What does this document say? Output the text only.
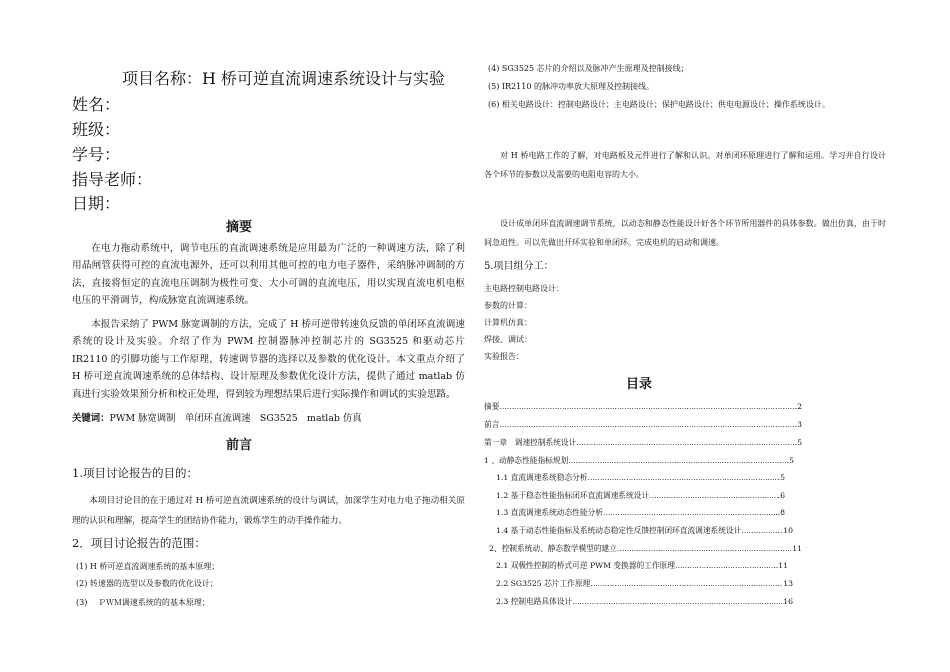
项目名称：H 桥可逆直流调速系统设计与实验
姓名：
班级：
学号：
指导老师：
日期：
摘要
在电力拖动系统中，调节电压的直流调速系统是应用最为广泛的一种调速方法，除了利用晶闸管获得可控的直流电源外，还可以利用其他可控的电力电子器件，采纳脉冲调制的方法，直接将恒定的直流电压调制为极性可变、大小可调的直流电压，用以实现直流电机电枢电压的平滑调节，构成脉宽直流调速系统。
本报告采纳了 PWM 脉宽调制的方法，完成了 H 桥可逆带转速负反馈的单闭环直流调速系统的设计及实验。介绍了作为 PWM 控制器脉冲控制芯片的 SG3525 和驱动芯片 IR2110 的引脚功能与工作原理，转速调节器的选择以及参数的优化设计。本文重点介绍了 H 桥可逆直流调速系统的总体结构、设计原理及参数优化设计方法，提供了通过 matlab 仿真进行实验效果预分析和校正处理，得到较为理想结果后进行实际操作和调试的实验思路。
关键词：PWM 脉宽调制　单闭环直流调速　SG3525　matlab 仿真
前言
1.项目讨论报告的目的：
本项目讨论目的在于通过对 H 桥可逆直流调速系统的设计与调试，加深学生对电力电子拖动相关原理的认识和理解，提高学生的团结协作能力，锻炼学生的动手操作能力。
2．项目讨论报告的范围：
(1) H 桥可逆直流调速系统的基本原理；
(2) 转速器的选型以及参数的优化设计；
(3)　 ＰＷＭ调速系统的的基本原理；
(4) SG3525 芯片的介绍以及脉冲产生原理及控制接线；
(5) IR2110 的脉冲功率放大原理及控制接线。
(6) 相关电路设计：控制电路设计；主电路设计；保护电路设计；供电电源设计；操作系统设计。
对 H 桥电路工作的了解，对电路板及元件进行了解和认识。对单闭环原理进行了解和运用。学习并自行设计各个环节的参数以及需要的电阻电容的大小。
设计成单闭环直流调速调节系统，以动态和静态性能设计好各个环节所用器件的具体参数。做出仿真，由于时间急迫性。可以先做出开环实验和单闭环。完成电机的启动和调速。
5.项目组分工：
主电路控制电路设计：
参数的计算：
计算机仿真：
焊接、调试：
实验报告：
目录
摘要 …………………………………………………………………………………………………………………………………………………………………………………………………………	......2
前言 …………………………………………………………………………………………………………………………………………………………………………………………………………	..3
第一章　调速控制系统设计 …………………………………………………………………………………………………………………………………………………………………………………………………………	..5
1 、动静态性能指标规划 …………………………………………………………………………………………………………………………………………………………………………………………………………	..5
1.1 直流调速系统稳态分析 …………………………………………………………………………………………………………………………………………………………………………………………………………	.5
1.2 基于稳态性能指标闭环直流调速系统设计 …………………………………………………………………………………………………………………………………………………………………………………………………………	.6
1.3 直流调速系统动态性能分析 …………………………………………………………………………………………………………………………………………………………………………………………………………	..8
1.4 基于动态性能指标及系统动态稳定性反馈控制闭环直流调速系统设计 …………………………………………………………………………………………………………………………………………………………………………………………………………	.10
2、控制系统动、静态数学模型的建立 …………………………………………………………………………………………………………………………………………………………………………………………………………	11
2.1 双极性控制的桥式可逆 PWM 变换器的工作原理 …………………………………………………………………………………………………………………………………………………………………………………………………………	..11
2.2 SG3525 芯片工作原理 …………………………………………………………………………………………………………………………………………………………………………………………………………	13
2.3 控制电路具体设计 …………………………………………………………………………………………………………………………………………………………………………………………………………	..16
